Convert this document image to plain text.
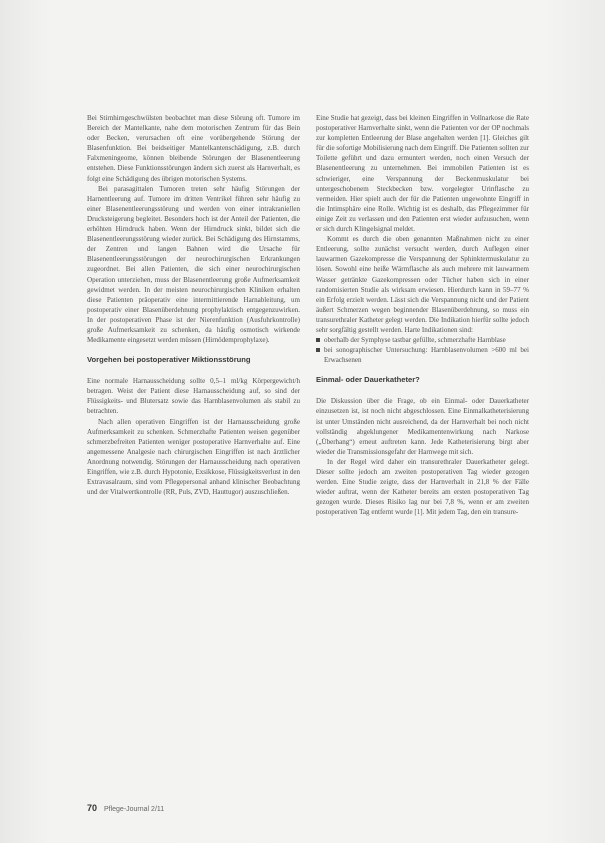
Bei Stirnhirngeschwülsten beobachtet man diese Störung oft. Tumore im Bereich der Mantelkante, nahe dem motorischen Zentrum für das Bein oder Becken, verursachen oft eine vorübergehende Störung der Blasenfunktion. Bei beidseitiger Mantelkantenschädigung, z.B. durch Falxmeningeome, können bleibende Störungen der Blasenentleerung entstehen. Diese Funktionsstörungen ändern sich zuerst als Harnverhalt, es folgt eine Schädigung des übrigen motorischen Systems.

Bei parasagittalen Tumoren treten sehr häufig Störungen der Harnentleerung auf. Tumore im dritten Ventrikel führen sehr häufig zu einer Blasenentleerungsstörung und werden von einer intrakraniellen Drucksteigerung begleitet. Besonders hoch ist der Anteil der Patienten, die erhöhten Hirndruck haben. Wenn der Hirndruck sinkt, bildet sich die Blasenentleerungsstörung wieder zurück. Bei Schädigung des Hirnstamms, der Zentren und langen Bahnen wird die Ursache für Blasenentleerungsstörungen der neurochirurgischen Erkrankungen zugeordnet. Bei allen Patienten, die sich einer neurochirurgischen Operation unterziehen, muss der Blasenentleerung große Aufmerksamkeit gewidmet werden. In der meisten neurochirurgischen Kliniken erhalten diese Patienten präoperativ eine intermittierende Harnableitung, um postoperativ einer Blasenüberdehnung prophylaktisch entgegenzuwirken. In der postoperativen Phase ist der Nierenfunktion (Ausfuhrkontrolle) große Aufmerksamkeit zu schenken, da häufig osmotisch wirkende Medikamente eingesetzt werden müssen (Hirnödemprophylaxe).

Vorgehen bei postoperativer Miktionsstörung

Eine normale Harnausscheidung sollte 0,5–1 ml/kg Körpergewicht/h betragen. Weist der Patient diese Harnausscheidung auf, so sind der Flüssigkeits- und Blutersatz sowie das Harnblasenvolumen als stabil zu betrachten.

Nach allen operativen Eingriffen ist der Harnausscheidung große Aufmerksamkeit zu schenken. Schmerzhafte Patienten weisen gegenüber schmerzbefreiten Patienten weniger postoperative Harnverhalte auf. Eine angemessene Analgesie nach chirurgischen Eingriffen ist nach ärztlicher Anordnung notwendig. Störungen der Harnausscheidung nach operativen Eingriffen, wie z.B. durch Hypotonie, Exsikkose, Flüssigkeitsverlust in den Extravasalraum, sind vom Pflegepersonal anhand klinischer Beobachtung und der Vitalwertkontrolle (RR, Puls, ZVD, Hauttugor) auszuschließen.

Eine Studie hat gezeigt, dass bei kleinen Eingriffen in Vollnarkose die Rate postoperativer Harnverhalte sinkt, wenn die Patienten vor der OP nochmals zur kompletten Entleerung der Blase angehalten werden [1]. Gleiches gilt für die sofortige Mobilisierung nach dem Eingriff. Die Patienten sollten zur Toilette geführt und dazu ermuntert werden, noch einen Versuch der Blasenentleerung zu unternehmen. Bei immobilen Patienten ist es schwieriger, eine Verspannung der Beckenmuskulatur bei untergeschobenem Steckbecken bzw. vorgelegter Urinflasche zu vermeiden. Hier spielt auch der für die Patienten ungewohnte Eingriff in die Intimsphäre eine Rolle. Wichtig ist es deshalb, das Pflegezimmer für einige Zeit zu verlassen und den Patienten erst wieder aufzusuchen, wenn er sich durch Klingelsignal meldet.

Kommt es durch die oben genannten Maßnahmen nicht zu einer Entleerung, sollte zunächst versucht werden, durch Auflegen einer lauwarmen Gazekompresse die Verspannung der Sphinktermuskulatur zu lösen. Sowohl eine heiße Wärmflasche als auch mehrere mit lauwarmem Wasser getränkte Gazekompressen oder Tücher haben sich in einer randomisierten Studie als wirksam erwiesen. Hierdurch kann in 59–77 % ein Erfolg erzielt werden. Lässt sich die Verspannung nicht und der Patient äußert Schmerzen wegen beginnender Blasenüberdehnung, so muss ein transurethraler Katheter gelegt werden. Die Indikation hierfür sollte jedoch sehr sorgfältig gestellt werden. Harte Indikationen sind:

oberhalb der Symphyse tastbar gefüllte, schmerzhafte Harnblase
bei sonographischer Untersuchung: Harnblasenvolumen >600 ml bei Erwachsenen
Einmal- oder Dauerkatheter?

Die Diskussion über die Frage, ob ein Einmal- oder Dauerkatheter einzusetzen ist, ist noch nicht abgeschlossen. Eine Einmalkatheterisierung ist unter Umständen nicht ausreichend, da der Harnverhalt bei noch nicht vollständig abgeklungener Medikamentenwirkung nach Narkose („Überhang“) erneut auftreten kann. Jede Katheterisierung birgt aber wieder die Transmissionsgefahr der Harnwege mit sich.

In der Regel wird daher ein transurethraler Dauerkatheter gelegt. Dieser sollte jedoch am zweiten postoperativen Tag wieder gezogen werden. Eine Studie zeigte, dass der Harnverhalt in 21,8 % der Fälle wieder auftrat, wenn der Katheter bereits am ersten postoperativen Tag gezogen wurde. Dieses Risiko lag nur bei 7,8 %, wenn er am zweiten postoperativen Tag entfernt wurde [1]. Mit jedem Tag, den ein transure-

70 Pflege-Journal 2/11
